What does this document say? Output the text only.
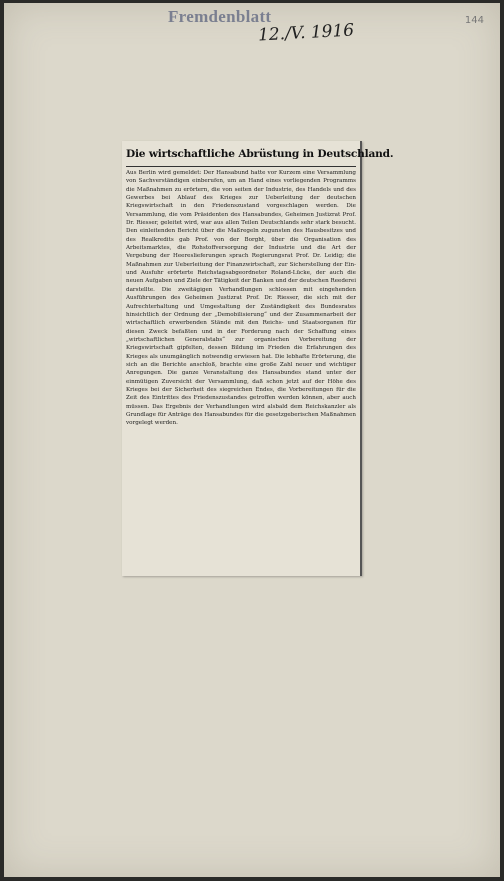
Fremdenblatt
12./V. 1916	144
Die wirtschaftliche Abrüstung in Deutschland.
Aus Berlin wird gemeldet: Der Hansabund hatte vor Kurzem eine Versammlung von Sachverständigen einberufen, um an Hand eines vorliegenden Programms die Maßnahmen zu erörtern, die von seiten der Industrie, des Handels und des Gewerbes bei Ablauf des Krieges zur Ueberleitung der deutschen Kriegswirtschaft in den Friedenszustand vorgeschlagen werden. Die Versammlung, die vom Präsidenten des Hansabundes, Geheimen Justizrat Prof. Dr. Riesser, geleitet wird, war aus allen Teilen Deutschlands sehr stark besucht. Den einleitenden Bericht über die Maßregeln zugunsten des Hausbesitzes und des Realkredits gab Prof. von der Borght, über die Organisation des Arbeitsmarktes, die Rohstoffversorgung der Industrie und die Art der Vergebung der Heereslieferungen sprach Regierungsrat Prof. Dr. Leidig; die Maßnahmen zur Ueberleitung der Finanzwirtschaft, zur Sicherstellung der Ein- und Ausfuhr erörterte Reichstagsabgeordneter Roland-Lücke, der auch die neuen Aufgaben und Ziele der Tätigkeit der Banken und der deutschen Reederei darstellte. Die zweitägigen Verhandlungen schlossen mit eingehenden Ausführungen des Geheimen Justizrat Prof. Dr. Riesser, die sich mit der Aufrechterhaltung und Umgestaltung der Zuständigkeit des Bundesrates hinsichtlich der Ordnung der „Demobilisierung“ und der Zusammenarbeit der wirtschaftlich erwerbenden Stände mit den Reichs- und Staatsorganen für diesen Zweck befaßten und in der Forderung nach der Schaffung eines „wirtschaftlichen Generalstabs“ zur organischen Vorbereitung der Kriegswirtschaft gipfelten, dessen Bildung im Frieden die Erfahrungen des Krieges als unumgänglich notwendig erwiesen hat. Die lebhafte Erörterung, die sich an die Berichte anschloß, brachte eine große Zahl neuer und wichtiger Anregungen. Die ganze Veranstaltung des Hansabundes stand unter der einmütigen Zuversicht der Versammlung, daß schon jetzt auf der Höhe des Krieges bei der Sicherheit des siegreichen Endes, die Vorbereitungen für die Zeit des Eintrittes des Friedenszustandes getroffen werden können, aber auch müssen. Das Ergebnis der Verhandlungen wird alsbald dem Reichskanzler als Grundlage für Anträge des Hansabundes für die gesetzgeberischen Maßnahmen vorgelegt werden.
